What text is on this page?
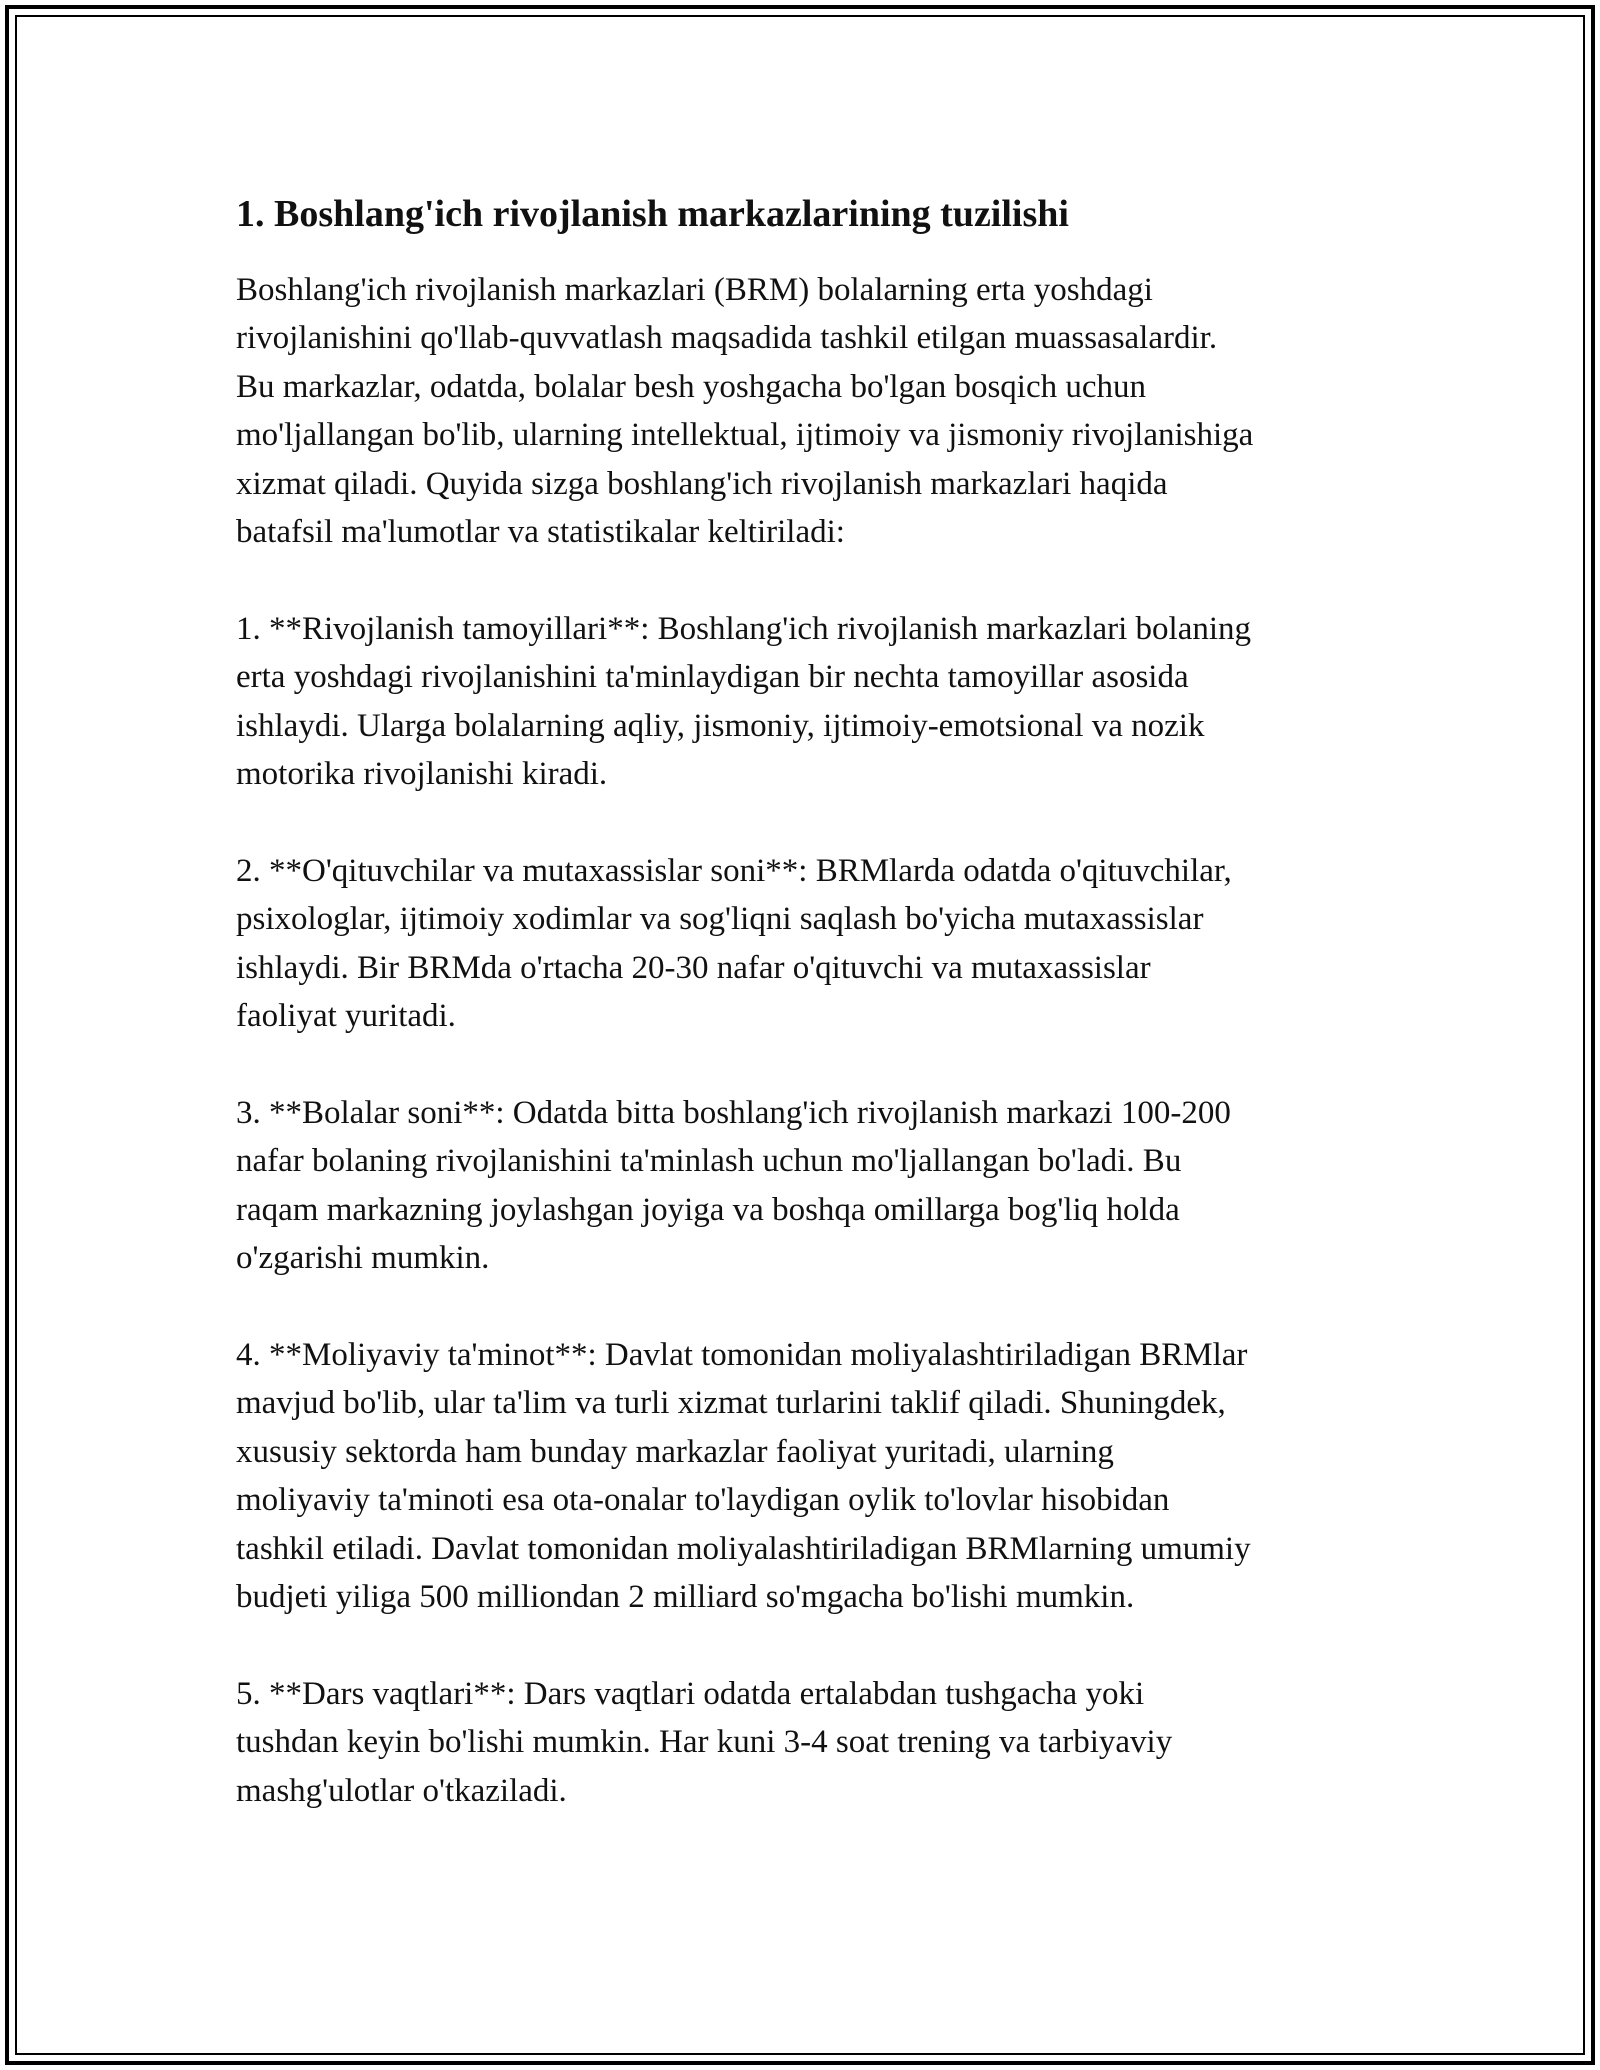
1. Boshlang'ich rivojlanish markazlarining tuzilishi

Boshlang'ich rivojlanish markazlari (BRM) bolalarning erta yoshdagi
rivojlanishini qo'llab-quvvatlash maqsadida tashkil etilgan muassasalardir.
Bu markazlar, odatda, bolalar besh yoshgacha bo'lgan bosqich uchun
mo'ljallangan bo'lib, ularning intellektual, ijtimoiy va jismoniy rivojlanishiga
xizmat qiladi. Quyida sizga boshlang'ich rivojlanish markazlari haqida
batafsil ma'lumotlar va statistikalar keltiriladi:

1. **Rivojlanish tamoyillari**: Boshlang'ich rivojlanish markazlari bolaning
erta yoshdagi rivojlanishini ta'minlaydigan bir nechta tamoyillar asosida
ishlaydi. Ularga bolalarning aqliy, jismoniy, ijtimoiy-emotsional va nozik
motorika rivojlanishi kiradi.

2. **O'qituvchilar va mutaxassislar soni**: BRMlarda odatda o'qituvchilar,
psixologlar, ijtimoiy xodimlar va sog'liqni saqlash bo'yicha mutaxassislar
ishlaydi. Bir BRMda o'rtacha 20-30 nafar o'qituvchi va mutaxassislar
faoliyat yuritadi.

3. **Bolalar soni**: Odatda bitta boshlang'ich rivojlanish markazi 100-200
nafar bolaning rivojlanishini ta'minlash uchun mo'ljallangan bo'ladi. Bu
raqam markazning joylashgan joyiga va boshqa omillarga bog'liq holda
o'zgarishi mumkin.

4. **Moliyaviy ta'minot**: Davlat tomonidan moliyalashtiriladigan BRMlar
mavjud bo'lib, ular ta'lim va turli xizmat turlarini taklif qiladi. Shuningdek,
xususiy sektorda ham bunday markazlar faoliyat yuritadi, ularning
moliyaviy ta'minoti esa ota-onalar to'laydigan oylik to'lovlar hisobidan
tashkil etiladi. Davlat tomonidan moliyalashtiriladigan BRMlarning umumiy
budjeti yiliga 500 milliondan 2 milliard so'mgacha bo'lishi mumkin.

5. **Dars vaqtlari**: Dars vaqtlari odatda ertalabdan tushgacha yoki
tushdan keyin bo'lishi mumkin. Har kuni 3-4 soat trening va tarbiyaviy
mashg'ulotlar o'tkaziladi.
